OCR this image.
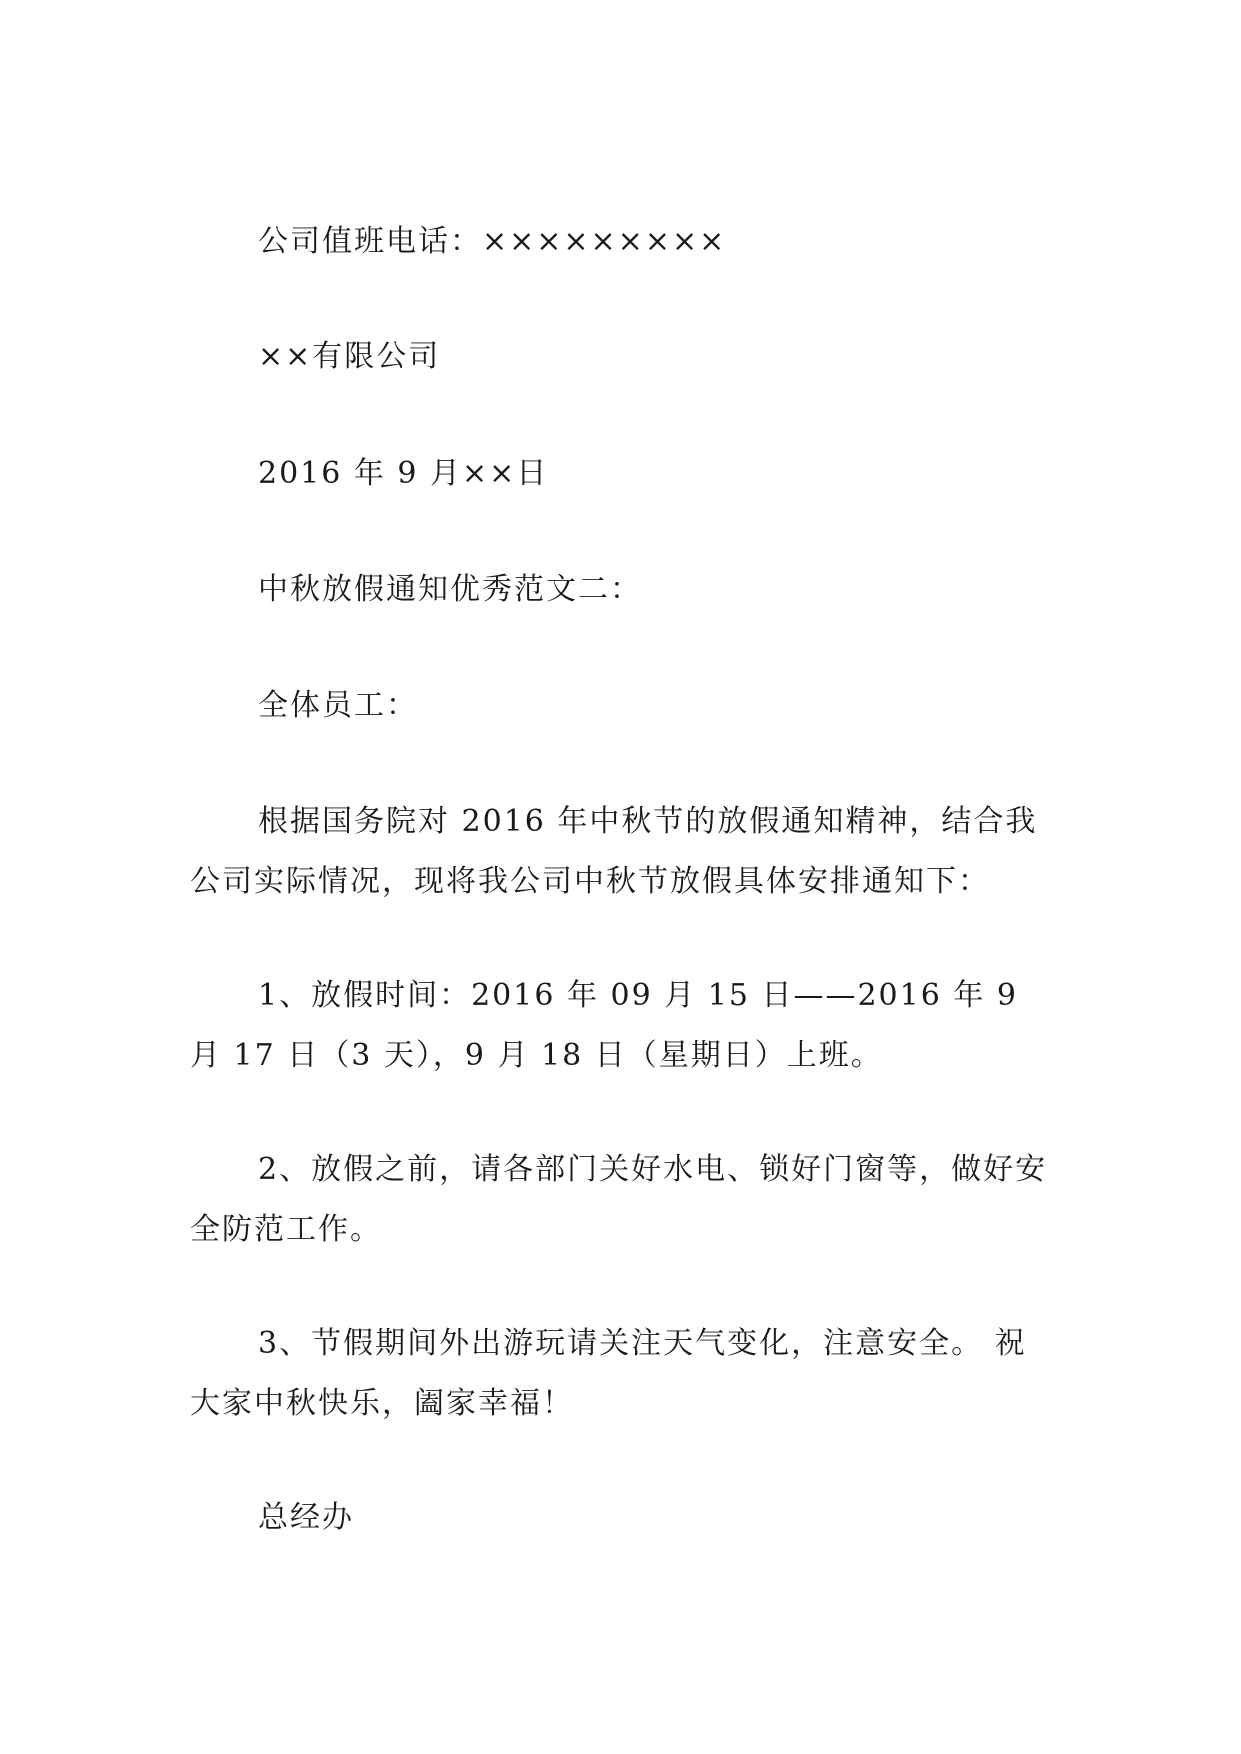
公司值班电话：×××××××××

××有限公司

2016 年 9 月××日

中秋放假通知优秀范文二：

全体员工：

根据国务院对 2016 年中秋节的放假通知精神，结合我公司实际情况，现将我公司中秋节放假具体安排通知下：

1、放假时间：2016 年 09 月 15 日——2016 年 9 月 17 日（3 天），9 月 18 日（星期日）上班。

2、放假之前，请各部门关好水电、锁好门窗等，做好安全防范工作。

3、节假期间外出游玩请关注天气变化，注意安全。 祝大家中秋快乐，阖家幸福！

总经办
